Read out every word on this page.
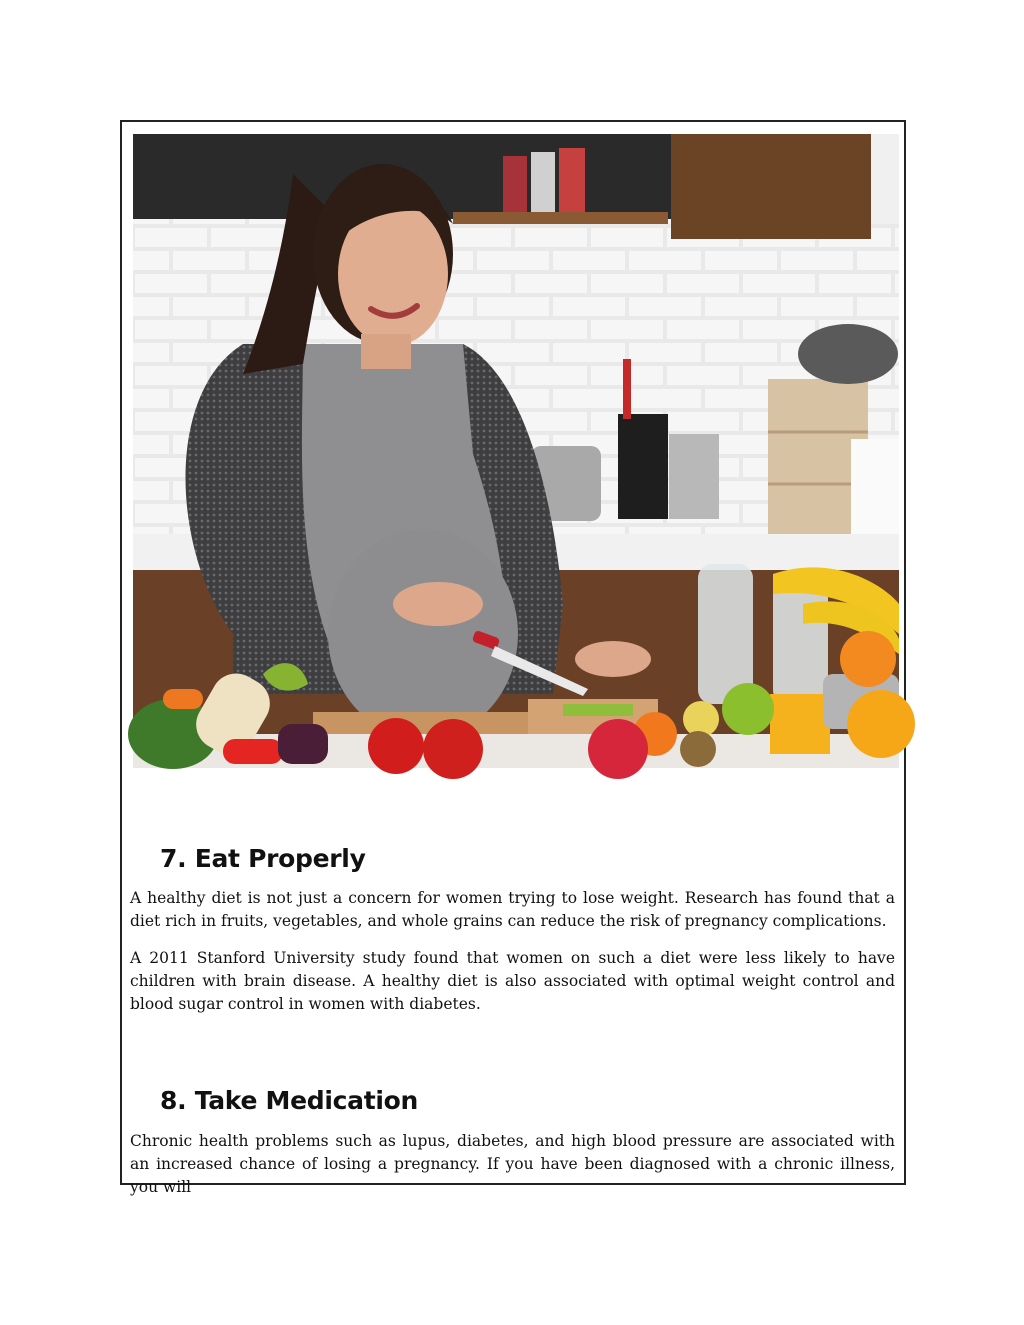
7. Eat Properly

A healthy diet is not just a concern for women trying to lose weight. Research has found that a diet rich in fruits, vegetables, and whole grains can reduce the risk of pregnancy complications.

A 2011 Stanford University study found that women on such a diet were less likely to have children with brain disease. A healthy diet is also associated with optimal weight control and blood sugar control in women with diabetes.

8. Take Medication

Chronic health problems such as lupus, diabetes, and high blood pressure are associated with an increased chance of losing a pregnancy. If you have been diagnosed with a chronic illness, you will
